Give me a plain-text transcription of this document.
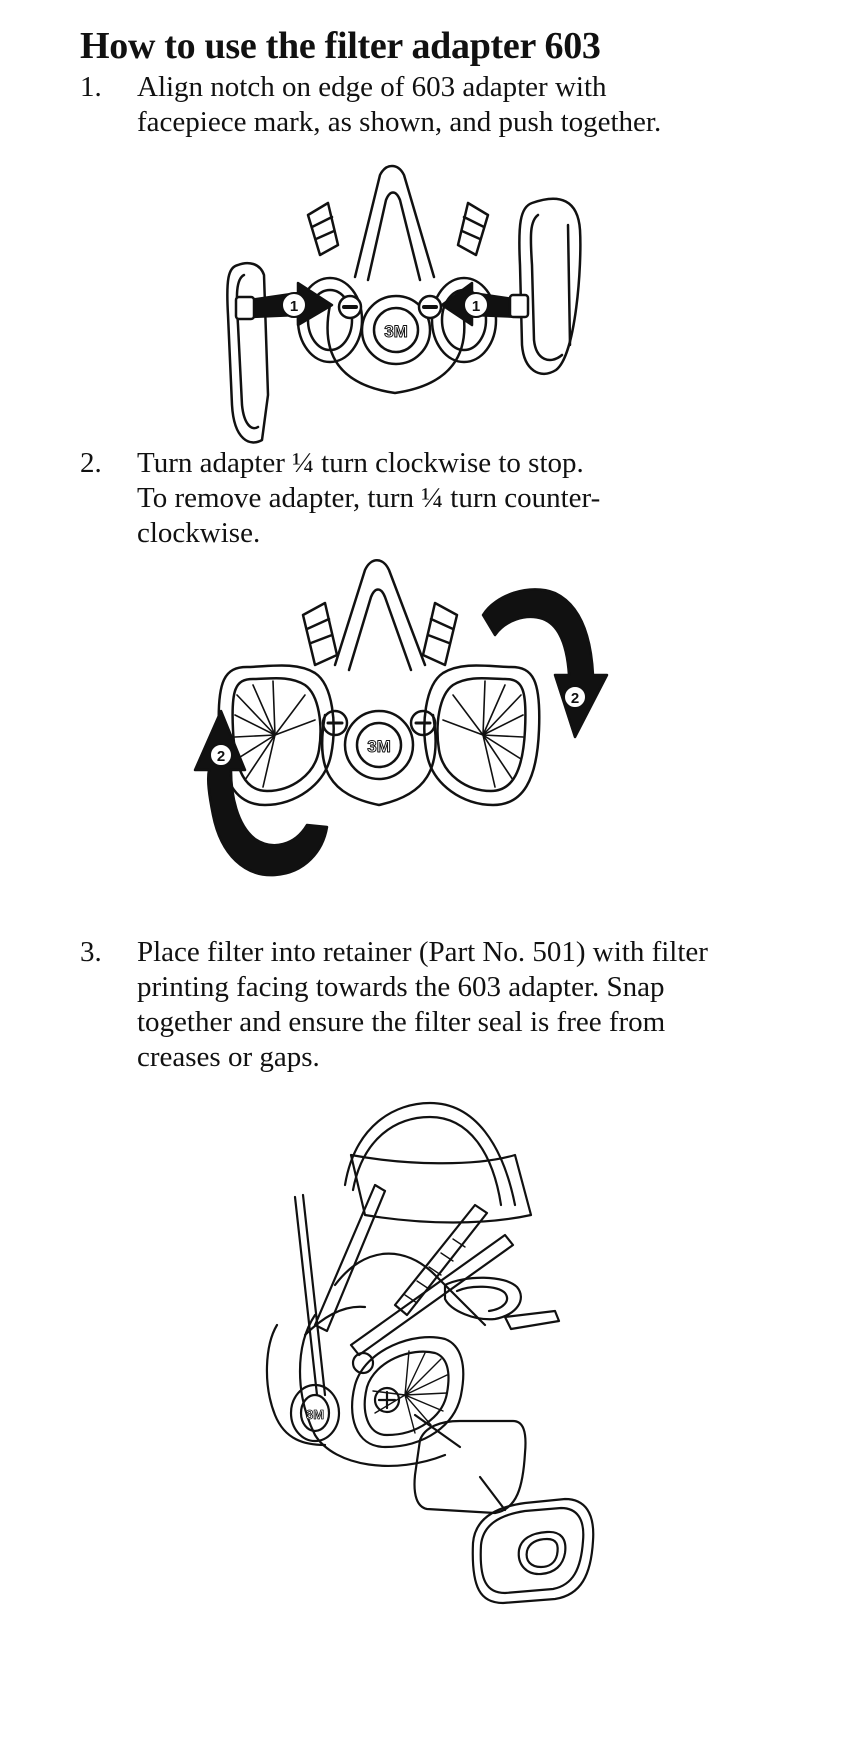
How to use the filter adapter 603
1. Align notch on edge of 603 adapter with
facepiece mark, as shown, and push together.
3M
1	1
2. Turn adapter ¼ turn clockwise to stop.
To remove adapter, turn ¼ turn counter-
clockwise.
3M
2
2
3. Place filter into retainer (Part No. 501) with filter
printing facing towards the 603 adapter. Snap
together and ensure the filter seal is free from
creases or gaps.
3M
